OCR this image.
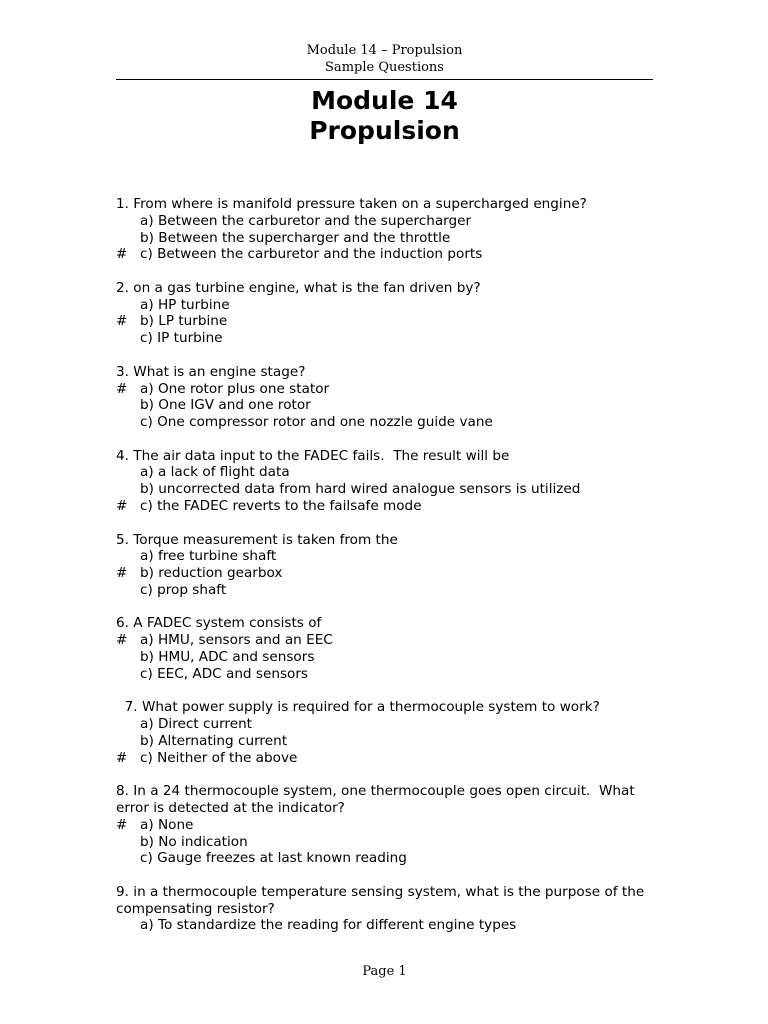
Module 14 – Propulsion
Sample Questions
Module 14
Propulsion
1. From where is manifold pressure taken on a supercharged engine?
a) Between the carburetor and the supercharger
b) Between the supercharger and the throttle
# c) Between the carburetor and the induction ports
2. on a gas turbine engine, what is the fan driven by?
a) HP turbine
# b) LP turbine
c) IP turbine
3. What is an engine stage?
# a) One rotor plus one stator
b) One IGV and one rotor
c) One compressor rotor and one nozzle guide vane
4. The air data input to the FADEC fails.  The result will be
a) a lack of flight data
b) uncorrected data from hard wired analogue sensors is utilized
# c) the FADEC reverts to the failsafe mode
5. Torque measurement is taken from the
a) free turbine shaft
# b) reduction gearbox
c) prop shaft
6. A FADEC system consists of
# a) HMU, sensors and an EEC
b) HMU, ADC and sensors
c) EEC, ADC and sensors
7. What power supply is required for a thermocouple system to work?
a) Direct current
b) Alternating current
# c) Neither of the above
8. In a 24 thermocouple system, one thermocouple goes open circuit.  What error is detected at the indicator?
# a) None
b) No indication
c) Gauge freezes at last known reading
9. in a thermocouple temperature sensing system, what is the purpose of the compensating resistor?
a) To standardize the reading for different engine types
Page 1
